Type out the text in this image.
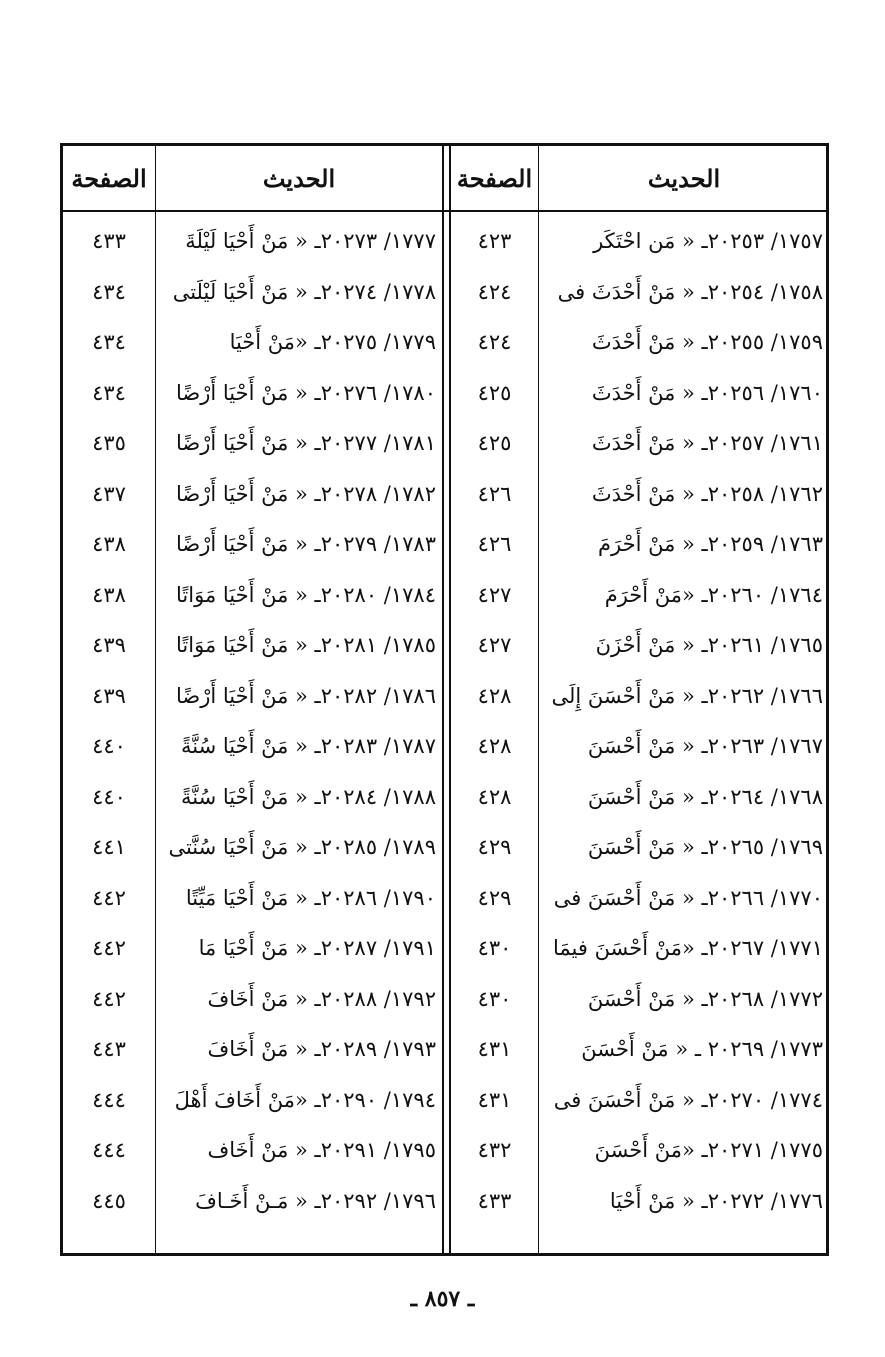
الحديث
الصفحة
الحديث
الصفحة
١٧٥٧/ ٢٠٢٥٣ـ « مَن احْتَكَر
٤٢٣
١٧٧٧/ ٢٠٢٧٣ـ « مَنْ أَحْيَا لَيْلَةَ
٤٣٣
١٧٥٨/ ٢٠٢٥٤ـ « مَنْ أَحْدَثَ فى
٤٢٤
١٧٧٨/ ٢٠٢٧٤ـ « مَنْ أَحْيَا لَيْلَتى
٤٣٤
١٧٥٩/ ٢٠٢٥٥ـ « مَنْ أَحْدَثَ
٤٢٤
١٧٧٩/ ٢٠٢٧٥ـ «مَنْ أَحْيَا
٤٣٤
١٧٦٠/ ٢٠٢٥٦ـ « مَنْ أَحْدَثَ
٤٢٥
١٧٨٠/ ٢٠٢٧٦ـ « مَنْ أَحْيَا أَرْضًا
٤٣٤
١٧٦١/ ٢٠٢٥٧ـ « مَنْ أَحْدَثَ
٤٢٥
١٧٨١/ ٢٠٢٧٧ـ « مَنْ أَحْيَا أَرْضًا
٤٣٥
١٧٦٢/ ٢٠٢٥٨ـ « مَنْ أَحْدَثَ
٤٢٦
١٧٨٢/ ٢٠٢٧٨ـ « مَنْ أَحْيَا أَرْضًا
٤٣٧
١٧٦٣/ ٢٠٢٥٩ـ « مَنْ أَحْرَمَ
٤٢٦
١٧٨٣/ ٢٠٢٧٩ـ « مَنْ أَحْيَا أَرْضًا
٤٣٨
١٧٦٤/ ٢٠٢٦٠ـ «مَنْ أَحْرَمَ
٤٢٧
١٧٨٤/ ٢٠٢٨٠ـ « مَنْ أَحْيَا مَوَاتًا
٤٣٨
١٧٦٥/ ٢٠٢٦١ـ « مَنْ أَحْزَنَ
٤٢٧
١٧٨٥/ ٢٠٢٨١ـ « مَنْ أَحْيَا مَوَاتًا
٤٣٩
١٧٦٦/ ٢٠٢٦٢ـ « مَنْ أَحْسَنَ إِلَى
٤٢٨
١٧٨٦/ ٢٠٢٨٢ـ « مَنْ أَحْيَا أَرْضًا
٤٣٩
١٧٦٧/ ٢٠٢٦٣ـ « مَنْ أَحْسَنَ
٤٢٨
١٧٨٧/ ٢٠٢٨٣ـ « مَنْ أَحْيَا سُنَّةً
٤٤٠
١٧٦٨/ ٢٠٢٦٤ـ « مَنْ أَحْسَنَ
٤٢٨
١٧٨٨/ ٢٠٢٨٤ـ « مَنْ أَحْيَا سُنَّةً
٤٤٠
١٧٦٩/ ٢٠٢٦٥ـ « مَنْ أَحْسَنَ
٤٢٩
١٧٨٩/ ٢٠٢٨٥ـ « مَنْ أَحْيَا سُنَّتى
٤٤١
١٧٧٠/ ٢٠٢٦٦ـ « مَنْ أَحْسَنَ فى
٤٢٩
١٧٩٠/ ٢٠٢٨٦ـ « مَنْ أَحْيَا مَيِّتًا
٤٤٢
١٧٧١/ ٢٠٢٦٧ـ «مَنْ أَحْسَنَ فيمَا
٤٣٠
١٧٩١/ ٢٠٢٨٧ـ « مَنْ أَحْيَا مَا
٤٤٢
١٧٧٢/ ٢٠٢٦٨ـ « مَنْ أَحْسَنَ
٤٣٠
١٧٩٢/ ٢٠٢٨٨ـ « مَنْ أَخَافَ
٤٤٢
١٧٧٣/ ٢٠٢٦٩ ـ « مَنْ أَحْسَنَ
٤٣١
١٧٩٣/ ٢٠٢٨٩ـ « مَنْ أَخَافَ
٤٤٣
١٧٧٤/ ٢٠٢٧٠ـ « مَنْ أَحْسَنَ فى
٤٣١
١٧٩٤/ ٢٠٢٩٠ـ «مَنْ أَخَافَ أَهْلَ
٤٤٤
١٧٧٥/ ٢٠٢٧١ـ «مَنْ أَحْسَنَ
٤٣٢
١٧٩٥/ ٢٠٢٩١ـ « مَنْ أَخَاف
٤٤٤
١٧٧٦/ ٢٠٢٧٢ـ « مَنْ أَحْيَا
٤٣٣
١٧٩٦/ ٢٠٢٩٢ـ « مَـنْ أَخَـافَ
٤٤٥
ـ ٨٥٧ ـ
